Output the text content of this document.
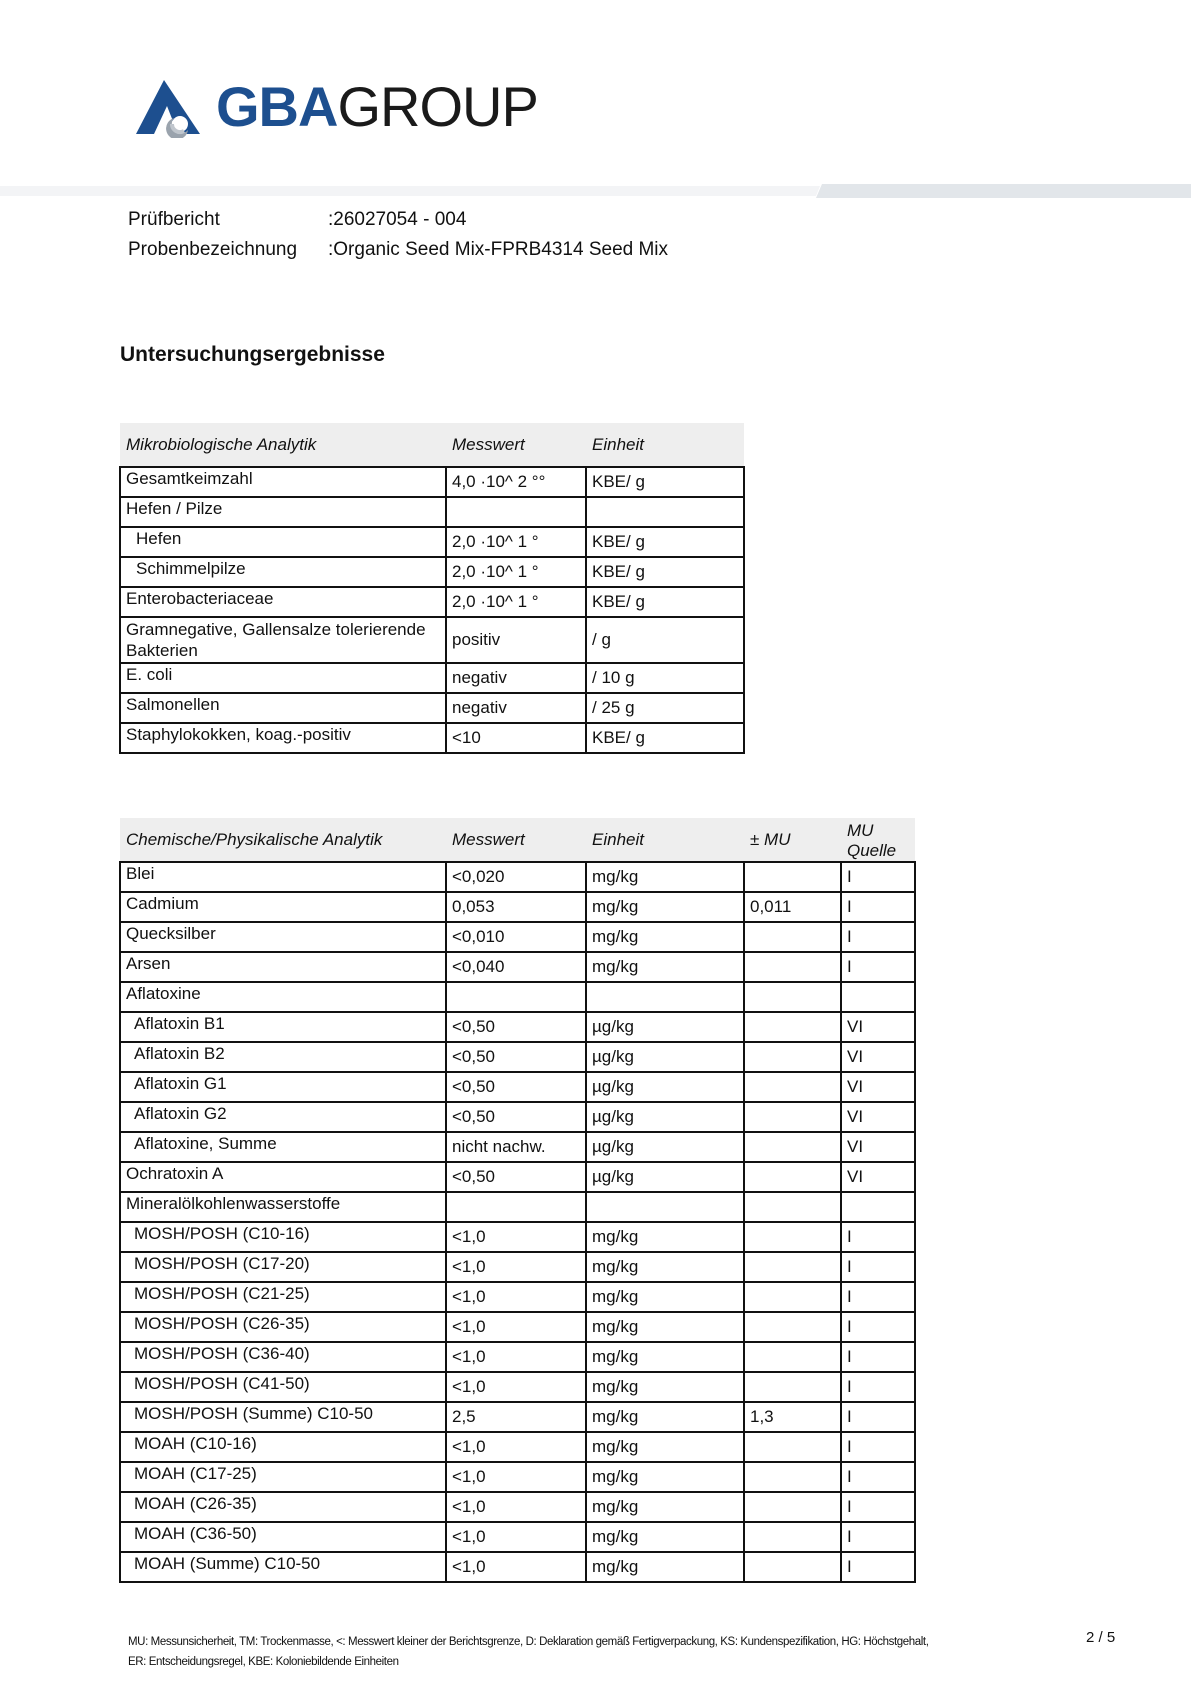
GBAGROUP
Prüfbericht	:26027054 - 004
Probenbezeichnung :Organic Seed Mix-FPRB4314 Seed Mix
Untersuchungsergebnisse
Mikrobiologische Analytik	Messwert	Einheit
Gesamtkeimzahl	4,0 ·10^ 2 °°	KBE/ g
Hefen / Pilze		
Hefen	2,0 ·10^ 1 °	KBE/ g
Schimmelpilze	2,0 ·10^ 1 °	KBE/ g
Enterobacteriaceae	2,0 ·10^ 1 °	KBE/ g
Gramnegative, Gallensalze tolerierende Bakterien	positiv	/ g
E. coli	negativ	/ 10 g
Salmonellen	negativ	/ 25 g
Staphylokokken, koag.-positiv	<10	KBE/ g
Chemische/Physikalische Analytik	Messwert	Einheit	± MU	MU Quelle
Blei	<0,020	mg/kg		I
Cadmium	0,053	mg/kg	0,011	I
Quecksilber	<0,010	mg/kg		I
Arsen	<0,040	mg/kg		I
Aflatoxine				
Aflatoxin B1	<0,50	µg/kg		VI
Aflatoxin B2	<0,50	µg/kg		VI
Aflatoxin G1	<0,50	µg/kg		VI
Aflatoxin G2	<0,50	µg/kg		VI
Aflatoxine, Summe	nicht nachw.	µg/kg		VI
Ochratoxin A	<0,50	µg/kg		VI
Mineralölkohlenwasserstoffe				
MOSH/POSH (C10-16)	<1,0	mg/kg		I
MOSH/POSH (C17-20)	<1,0	mg/kg		I
MOSH/POSH (C21-25)	<1,0	mg/kg		I
MOSH/POSH (C26-35)	<1,0	mg/kg		I
MOSH/POSH (C36-40)	<1,0	mg/kg		I
MOSH/POSH (C41-50)	<1,0	mg/kg		I
MOSH/POSH (Summe) C10-50	2,5	mg/kg	1,3	I
MOAH (C10-16)	<1,0	mg/kg		I
MOAH (C17-25)	<1,0	mg/kg		I
MOAH (C26-35)	<1,0	mg/kg		I
MOAH (C36-50)	<1,0	mg/kg		I
MOAH (Summe) C10-50	<1,0	mg/kg		I
MU: Messunsicherheit, TM: Trockenmasse, <: Messwert kleiner der Berichtsgrenze, D: Deklaration gemäß Fertigverpackung, KS: Kundenspezifikation, HG: Höchstgehalt,
ER: Entscheidungsregel, KBE: Koloniebildende Einheiten
2 / 5
